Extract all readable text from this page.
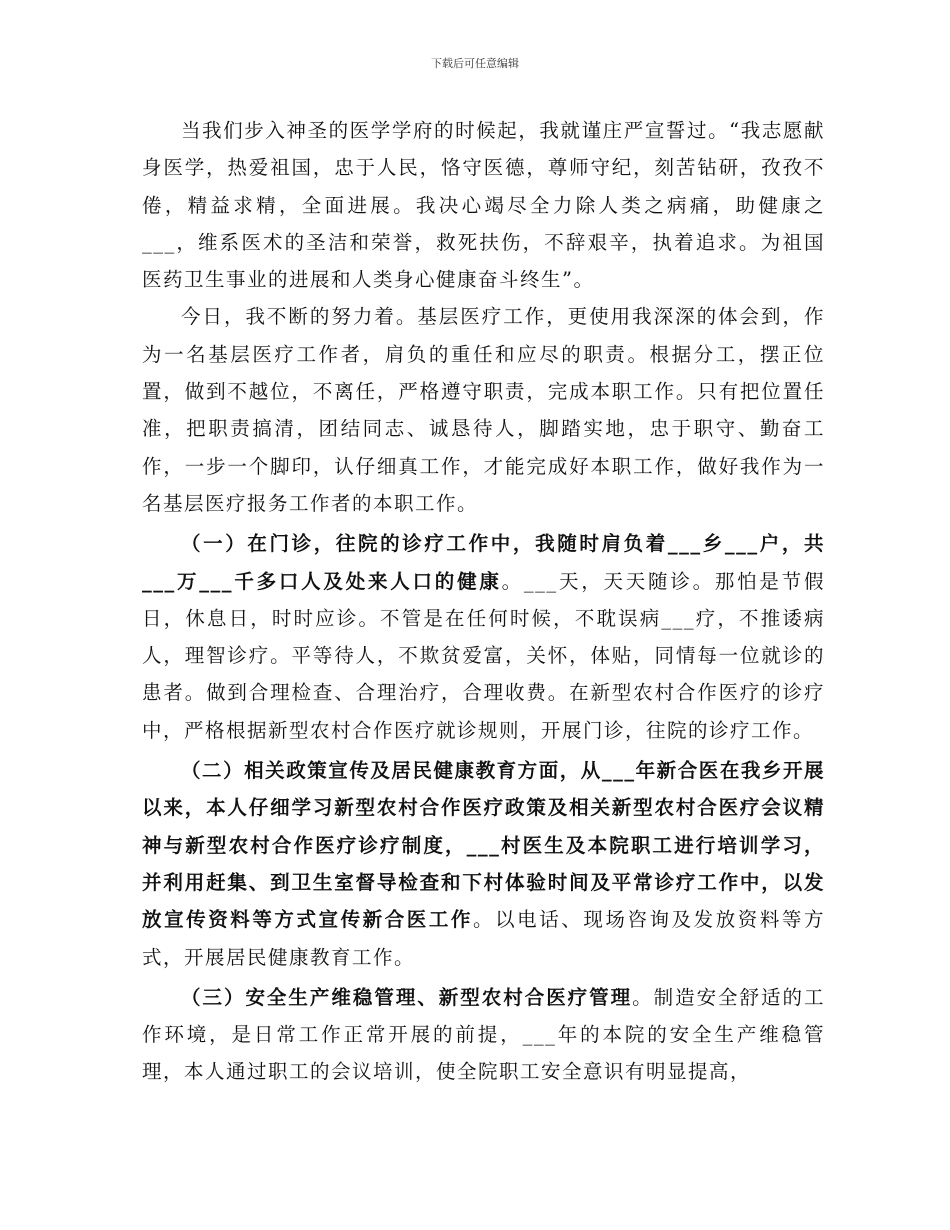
下载后可任意编辑

当我们步入神圣的医学学府的时候起，我就谨庄严宣誓过。“我志愿献身医学，热爱祖国，忠于人民，恪守医德，尊师守纪，刻苦钻研，孜孜不倦，精益求精，全面进展。我决心竭尽全力除人类之病痛，助健康之___，维系医术的圣洁和荣誉，救死扶伤，不辞艰辛，执着追求。为祖国医药卫生事业的进展和人类身心健康奋斗终生”。

今日，我不断的努力着。基层医疗工作，更使用我深深的体会到，作为一名基层医疗工作者，肩负的重任和应尽的职责。根据分工，摆正位置，做到不越位，不离任，严格遵守职责，完成本职工作。只有把位置任准，把职责搞清，团结同志、诚恳待人，脚踏实地，忠于职守、勤奋工作，一步一个脚印，认仔细真工作，才能完成好本职工作，做好我作为一名基层医疗报务工作者的本职工作。

（一）在门诊，往院的诊疗工作中，我随时肩负着___乡___户，共___万___千多口人及处来人口的健康。___天，天天随诊。那怕是节假日，休息日，时时应诊。不管是在任何时候，不耽误病___疗，不推诿病人，理智诊疗。平等待人，不欺贫爱富，关怀，体贴，同情每一位就诊的患者。做到合理检查、合理治疗，合理收费。在新型农村合作医疗的诊疗中，严格根据新型农村合作医疗就诊规则，开展门诊，往院的诊疗工作。

（二）相关政策宣传及居民健康教育方面，从___年新合医在我乡开展以来，本人仔细学习新型农村合作医疗政策及相关新型农村合医疗会议精神与新型农村合作医疗诊疗制度，___村医生及本院职工进行培训学习，并利用赶集、到卫生室督导检查和下村体验时间及平常诊疗工作中，以发放宣传资料等方式宣传新合医工作。以电话、现场咨询及发放资料等方式，开展居民健康教育工作。

（三）安全生产维稳管理、新型农村合医疗管理。制造安全舒适的工作环境，是日常工作正常开展的前提，___年的本院的安全生产维稳管理，本人通过职工的会议培训，使全院职工安全意识有明显提高，
